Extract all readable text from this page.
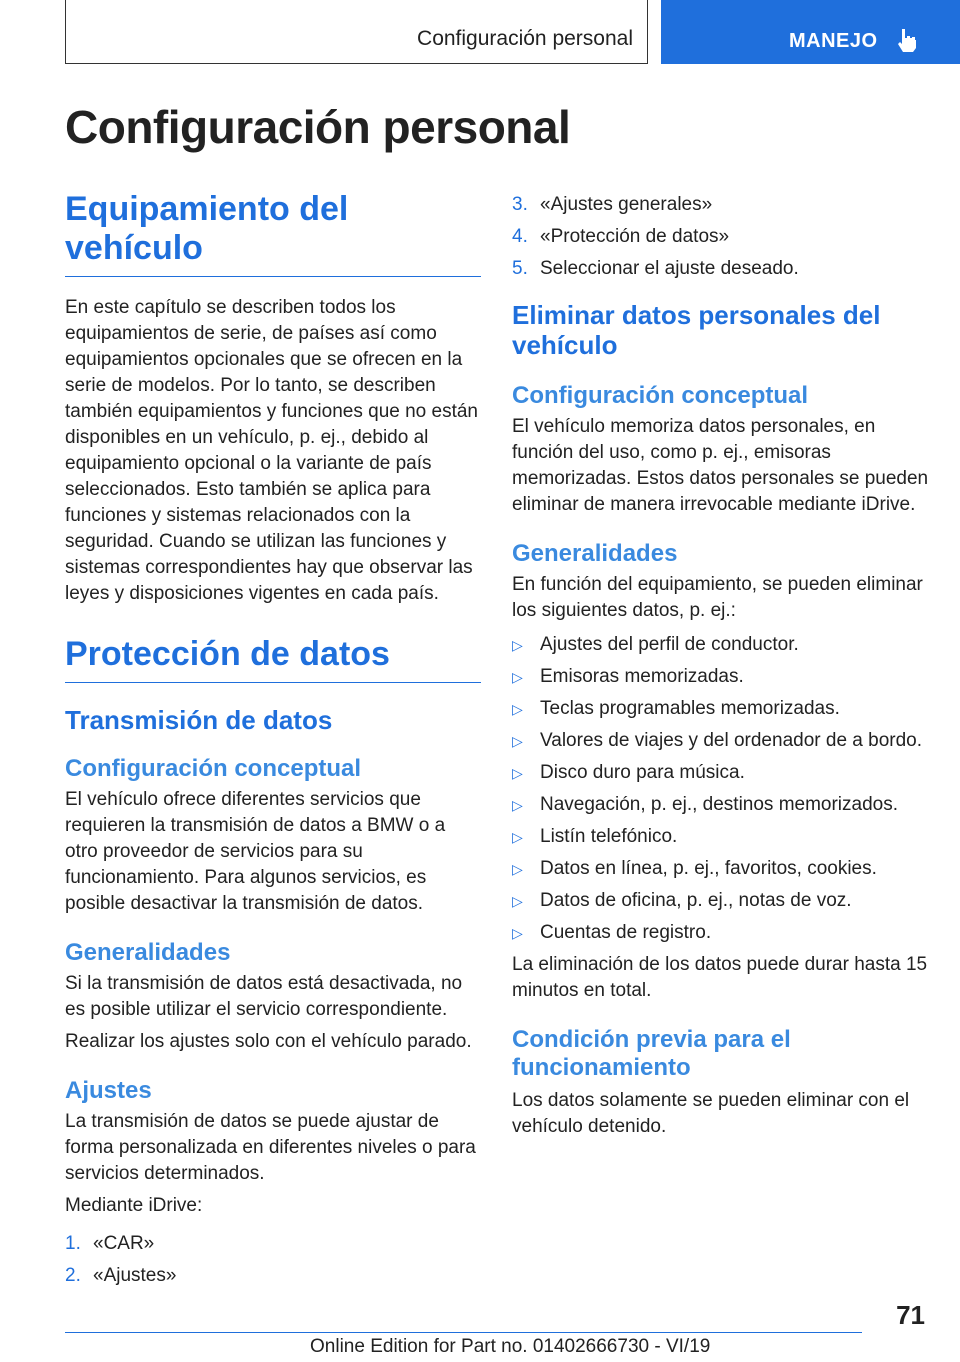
Configuración personal	MANEJO
Configuración personal
Equipamiento del vehículo

En este capítulo se describen todos los equipamientos de serie, de países así como equipamientos opcionales que se ofrecen en la serie de modelos. Por lo tanto, se describen también equipamientos y funciones que no están disponibles en un vehículo, p. ej., debido al equipamiento opcional o la variante de país seleccionados. Esto también se aplica para funciones y sistemas relacionados con la seguridad. Cuando se utilizan las funciones y sistemas correspondientes hay que observar las leyes y disposiciones vigentes en cada país.

Protección de datos
Transmisión de datos
Configuración conceptual

El vehículo ofrece diferentes servicios que requieren la transmisión de datos a BMW o a otro proveedor de servicios para su funcionamiento. Para algunos servicios, es posible desactivar la transmisión de datos.

Generalidades

Si la transmisión de datos está desactivada, no es posible utilizar el servicio correspondiente.

Realizar los ajustes solo con el vehículo parado.

Ajustes

La transmisión de datos se puede ajustar de forma personalizada en diferentes niveles o para servicios determinados.

Mediante iDrive:

1. «CAR»
2. «Ajustes»
3. «Ajustes generales»
4. «Protección de datos»
5. Seleccionar el ajuste deseado.
Eliminar datos personales del vehículo
Configuración conceptual

El vehículo memoriza datos personales, en función del uso, como p. ej., emisoras memorizadas. Estos datos personales se pueden eliminar de manera irrevocable mediante iDrive.

Generalidades

En función del equipamiento, se pueden eliminar los siguientes datos, p. ej.:

▷ Ajustes del perfil de conductor.
▷ Emisoras memorizadas.
▷ Teclas programables memorizadas.
▷ Valores de viajes y del ordenador de a bordo.
▷ Disco duro para música.
▷ Navegación, p. ej., destinos memorizados.
▷ Listín telefónico.
▷ Datos en línea, p. ej., favoritos, cookies.
▷ Datos de oficina, p. ej., notas de voz.
▷ Cuentas de registro.

La eliminación de los datos puede durar hasta 15 minutos en total.

Condición previa para el funcionamiento

Los datos solamente se pueden eliminar con el vehículo detenido.

71
Online Edition for Part no. 01402666730 - VI/19
